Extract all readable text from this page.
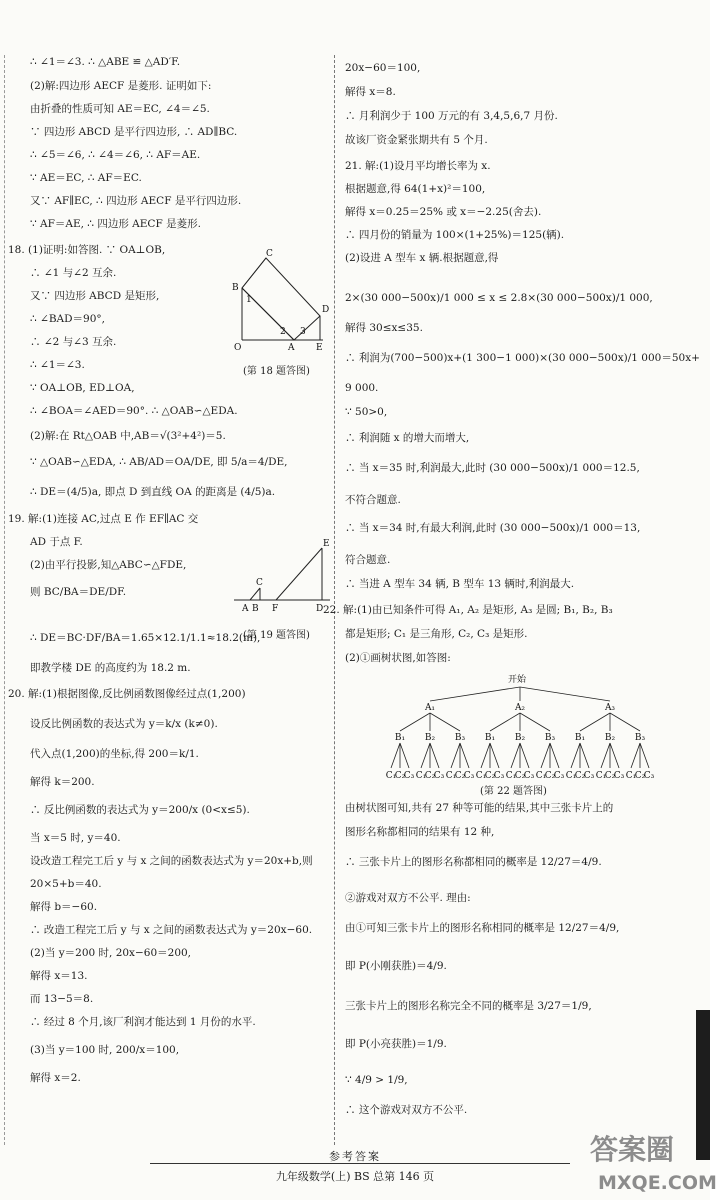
∴ ∠1＝∠3. ∴ △ABE ≌ △AD′F.
(2)解:四边形 AECF 是菱形. 证明如下:
由折叠的性质可知 AE＝EC, ∠4＝∠5.
∵ 四边形 ABCD 是平行四边形, ∴ AD∥BC.
∴ ∠5＝∠6, ∴ ∠4＝∠6, ∴ AF＝AE.
∵ AE＝EC, ∴ AF＝EC.
又∵ AF∥EC, ∴ 四边形 AECF 是平行四边形.
∵ AF＝AE, ∴ 四边形 AECF 是菱形.
18. (1)证明:如答图. ∵ OA⊥OB,
∴ ∠1 与∠2 互余.
又∵ 四边形 ABCD 是矩形,
∴ ∠BAD＝90°,
∴ ∠2 与∠3 互余.
∴ ∠1＝∠3.
∵ OA⊥OB, ED⊥OA,
∴ ∠BOA＝∠AED＝90°. ∴ △OAB∽△EDA.
(2)解:在 Rt△OAB 中,AB＝√(3²+4²)＝5.
∵ △OAB∽△EDA, ∴ AB/AD＝OA/DE, 即 5/a＝4/DE,
∴ DE＝(4/5)a, 即点 D 到直线 OA 的距离是 (4/5)a.
19. 解:(1)连接 AC,过点 E 作 EF∥AC 交
AD 于点 F.
(2)由平行投影,知△ABC∽△FDE,
则 BC/BA＝DE/DF.
∴ DE＝BC·DF/BA＝1.65×12.1/1.1≈18.2(m),
即教学楼 DE 的高度约为 18.2 m.
20. 解:(1)根据图像,反比例函数图像经过点(1,200)
设反比例函数的表达式为 y＝k/x (k≠0).
代入点(1,200)的坐标,得 200＝k/1.
解得 k＝200.
∴ 反比例函数的表达式为 y＝200/x (0<x≤5).
当 x＝5 时, y＝40.
设改造工程完工后 y 与 x 之间的函数表达式为 y＝20x+b,则
20×5+b＝40.
解得 b＝−60.
∴ 改造工程完工后 y 与 x 之间的函数表达式为 y＝20x−60.
(2)当 y＝200 时, 20x−60＝200,
解得 x＝13.
而 13−5＝8.
∴ 经过 8 个月,该厂利润才能达到 1 月份的水平.
(3)当 y＝100 时, 200/x＝100,
解得 x＝2.
C
B
1
D
O
2
A
3
E
(第 18 题答图)
E
C
A B F	D
(第 19 题答图)
20x−60＝100,
解得 x＝8.
∴ 月利润少于 100 万元的有 3,4,5,6,7 月份.
故该厂资金紧张期共有 5 个月.
21. 解:(1)设月平均增长率为 x.
根据题意,得 64(1+x)²＝100,
解得 x＝0.25＝25% 或 x＝−2.25(舍去).
∴ 四月份的销量为 100×(1+25%)＝125(辆).
(2)设进 A 型车 x 辆.根据题意,得
2×(30 000−500x)/1 000 ≤ x ≤ 2.8×(30 000−500x)/1 000,
解得 30≤x≤35.
∴ 利润为(700−500)x+(1 300−1 000)×(30 000−500x)/1 000＝50x+
9 000.
∵ 50>0,
∴ 利润随 x 的增大而增大,
∴ 当 x＝35 时,利润最大,此时 (30 000−500x)/1 000＝12.5,
不符合题意.
∴ 当 x＝34 时,有最大利润,此时 (30 000−500x)/1 000＝13,
符合题意.
∴ 当进 A 型车 34 辆, B 型车 13 辆时,利润最大.
22. 解:(1)由已知条件可得 A₁, A₂ 是矩形, A₃ 是圆; B₁, B₂, B₃
都是矩形; C₁ 是三角形, C₂, C₃ 是矩形.
(2)①画树状图,如答图:
由树状图可知,共有 27 种等可能的结果,其中三张卡片上的
图形名称都相同的结果有 12 种,
∴ 三张卡片上的图形名称都相同的概率是 12/27＝4/9.
②游戏对双方不公平. 理由:
由①可知三张卡片上的图形名称相同的概率是 12/27＝4/9,
即 P(小刚获胜)＝4/9.
三张卡片上的图形名称完全不同的概率是 3/27＝1/9,
即 P(小亮获胜)＝1/9.
∵ 4/9 > 1/9,
∴ 这个游戏对双方不公平.
开始
A₁
B₁
C₁
C₂
C₃
B₂
C₁
C₂
C₃
B₃
C₁
C₂
C₃
A₂
B₁
C₁
C₂
C₃
B₂
C₁
C₂
C₃
B₃
C₁
C₂
C₃
A₃
B₁
C₁
C₂
C₃
B₂
C₁
C₂
C₃
B₃
C₁
C₂
C₃
(第 22 题答图)
参考答案
九年级数学(上) BS 总第 146 页
答案圈
MXQE.COM
